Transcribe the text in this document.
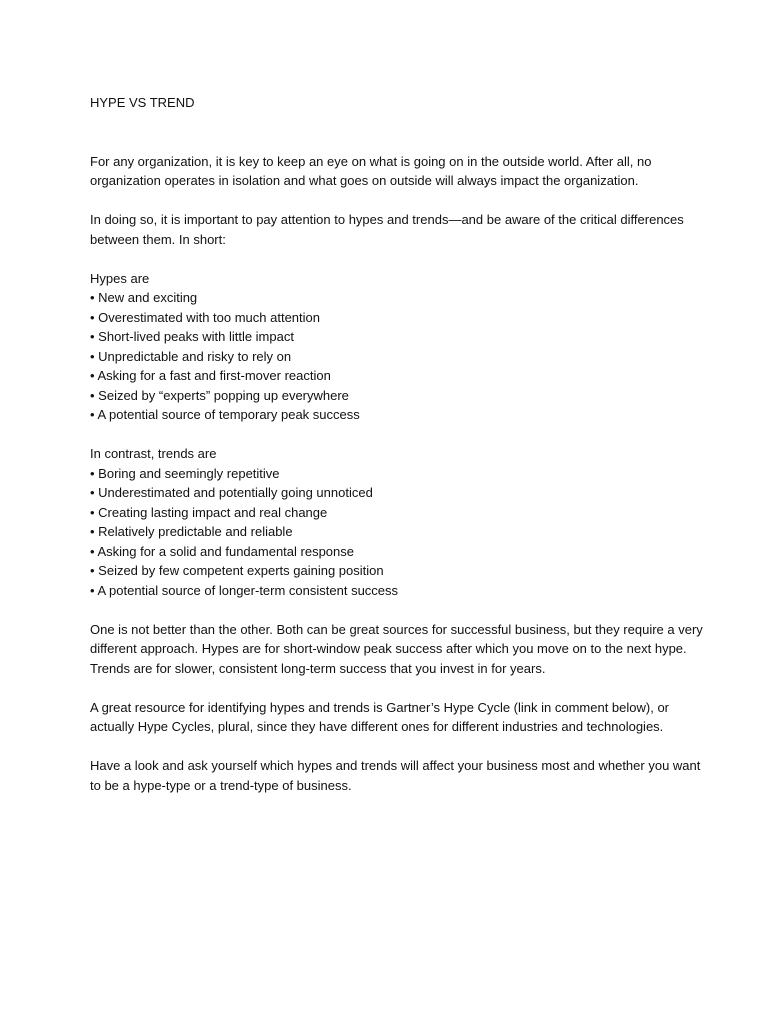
HYPE VS TREND

For any organization, it is key to keep an eye on what is going on in the outside world. After all, no organization operates in isolation and what goes on outside will always impact the organization.

In doing so, it is important to pay attention to hypes and trends—and be aware of the critical differences between them. In short:

Hypes are
• New and exciting
• Overestimated with too much attention
• Short-lived peaks with little impact
• Unpredictable and risky to rely on
• Asking for a fast and first-mover reaction
• Seized by “experts” popping up everywhere
• A potential source of temporary peak success
In contrast, trends are
• Boring and seemingly repetitive
• Underestimated and potentially going unnoticed
• Creating lasting impact and real change
• Relatively predictable and reliable
• Asking for a solid and fundamental response
• Seized by few competent experts gaining position
• A potential source of longer-term consistent success

One is not better than the other. Both can be great sources for successful business, but they require a very different approach. Hypes are for short-window peak success after which you move on to the next hype. Trends are for slower, consistent long-term success that you invest in for years.

A great resource for identifying hypes and trends is Gartner’s Hype Cycle (link in comment below), or actually Hype Cycles, plural, since they have different ones for different industries and technologies.

Have a look and ask yourself which hypes and trends will affect your business most and whether you want to be a hype-type or a trend-type of business.
